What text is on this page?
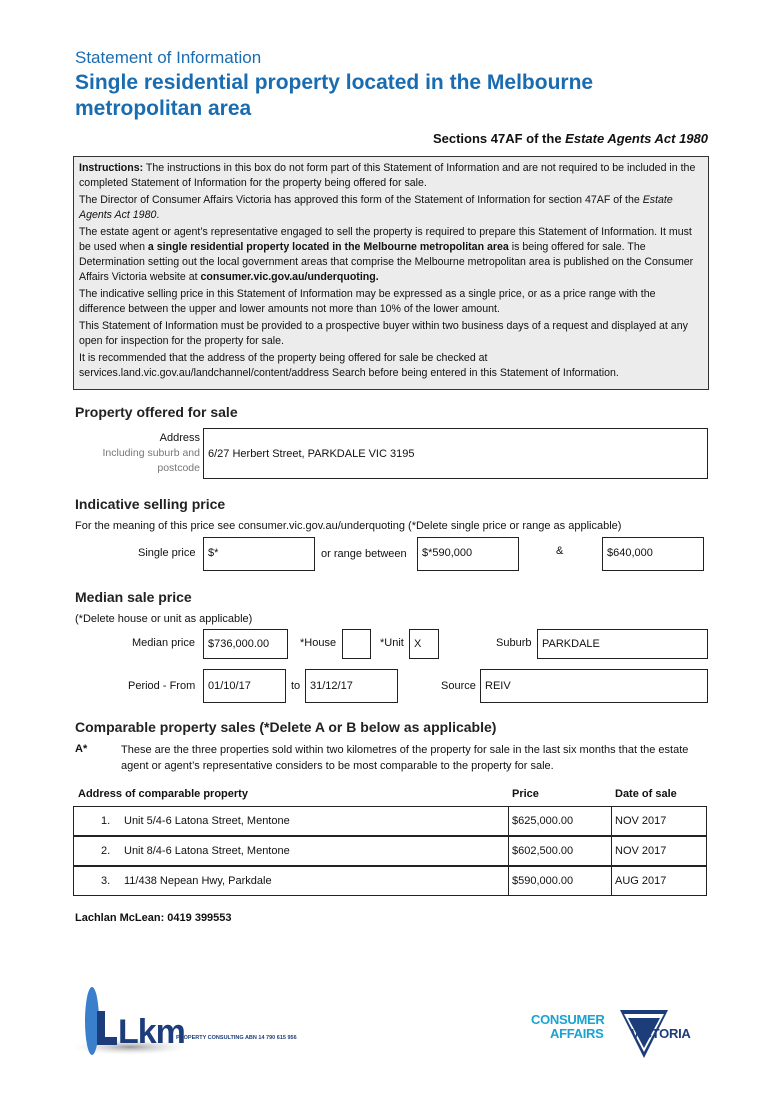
Statement of Information
Single residential property located in the Melbourne metropolitan area
Sections 47AF of the Estate Agents Act 1980

Instructions: The instructions in this box do not form part of this Statement of Information and are not required to be included in the completed Statement of Information for the property being offered for sale.

The Director of Consumer Affairs Victoria has approved this form of the Statement of Information for section 47AF of the Estate Agents Act 1980.

The estate agent or agent’s representative engaged to sell the property is required to prepare this Statement of Information. It must be used when a single residential property located in the Melbourne metropolitan area is being offered for sale. The Determination setting out the local government areas that comprise the Melbourne metropolitan area is published on the Consumer Affairs Victoria website at consumer.vic.gov.au/underquoting.

The indicative selling price in this Statement of Information may be expressed as a single price, or as a price range with the difference between the upper and lower amounts not more than 10% of the lower amount.

This Statement of Information must be provided to a prospective buyer within two business days of a request and displayed at any open for inspection for the property for sale.

It is recommended that the address of the property being offered for sale be checked at services.land.vic.gov.au/landchannel/content/address Search before being entered in this Statement of Information.

Property offered for sale
Address
Including suburb and
postcode
6/27 Herbert Street, PARKDALE VIC 3195
Indicative selling price
For the meaning of this price see consumer.vic.gov.au/underquoting (*Delete single price or range as applicable)
Single price $*	or range between $*590,000	&	$640,000
Median sale price
(*Delete house or unit as applicable)
Median price $736,000.00	*House	*Unit X	Suburb PARKDALE
Period - From 01/10/17	to 31/12/17	Source REIV
Comparable property sales (*Delete A or B below as applicable)
A*	These are the three properties sold within two kilometres of the property for sale in the last six months that the estate agent or agent’s representative considers to be most comparable to the property for sale.
Address of comparable property	Price	Date of sale
1. Unit 5/4-6 Latona Street, Mentone	$625,000.00	NOV 2017
2. Unit 8/4-6 Latona Street, Mentone	$602,500.00	NOV 2017
3. 11/438 Nepean Hwy, Parkdale	$590,000.00	AUG 2017
Lachlan McLean: 0419 399553
Lkm
PROPERTY CONSULTING ABN 14 790 615 956
CONSUMER
AFFAIRS VICTORIA
